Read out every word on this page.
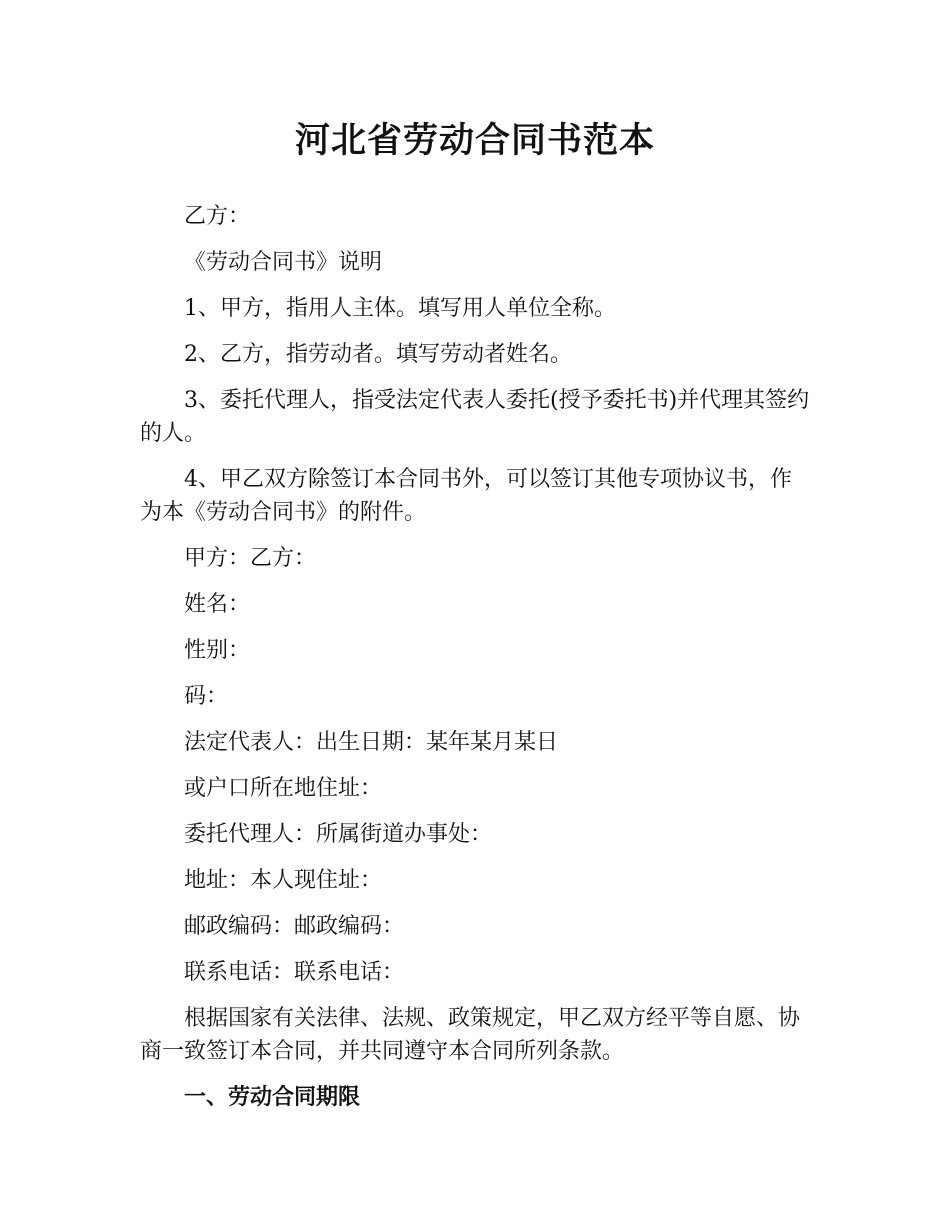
河北省劳动合同书范本

乙方：

《劳动合同书》说明

1、甲方，指用人主体。填写用人单位全称。

2、乙方，指劳动者。填写劳动者姓名。

3、委托代理人，指受法定代表人委托(授予委托书)并代理其签约的人。

4、甲乙双方除签订本合同书外，可以签订其他专项协议书，作为本《劳动合同书》的附件。

甲方：乙方：

姓名：

性别：

码：

法定代表人：出生日期：某年某月某日

或户口所在地住址：

委托代理人：所属街道办事处：

地址：本人现住址：

邮政编码：邮政编码：

联系电话：联系电话：

根据国家有关法律、法规、政策规定，甲乙双方经平等自愿、协商一致签订本合同，并共同遵守本合同所列条款。

一、劳动合同期限
